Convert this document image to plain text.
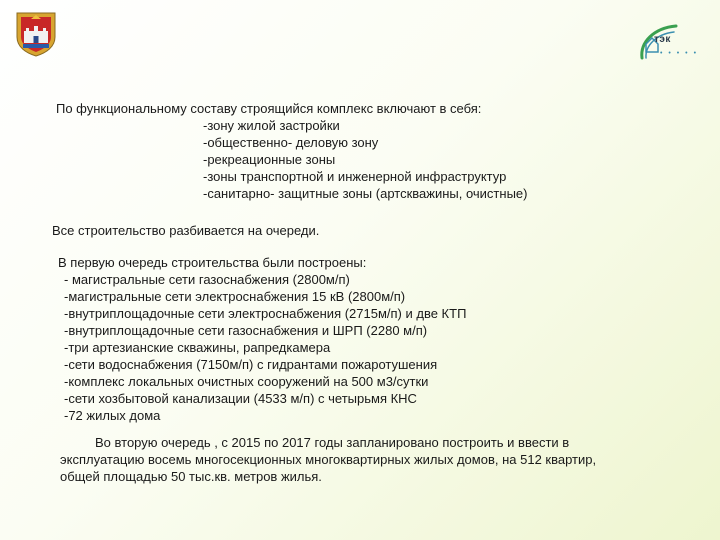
тэк
• • • • •
По функциональному составу строящийся комплекс включают в себя:
-зону жилой застройки
-общественно- деловую зону
-рекреационные зоны
-зоны транспортной и инженерной инфраструктур
-санитарно- защитные зоны (артскважины, очистные)
Все строительство разбивается на очереди.
В первую очередь строительства были построены:
- магистральные сети газоснабжения (2800м/п)
-магистральные сети электроснабжения 15 кВ (2800м/п)
-внутриплощадочные сети электроснабжения (2715м/п) и две КТП
-внутриплощадочные сети газоснабжения и ШРП (2280 м/п)
-три артезианские скважины, рапредкамера
-сети водоснабжения (7150м/п) с гидрантами пожаротушения
-комплекс локальных очистных сооружений на 500 м3/сутки
-сети хозбытовой канализации (4533 м/п) с четырьмя КНС
-72 жилых дома
Во вторую очередь , с 2015 по 2017 годы запланировано построить и ввести в
эксплуатацию восемь многосекционных многоквартирных жилых домов, на 512 квартир,
общей площадью 50 тыс.кв. метров жилья.
